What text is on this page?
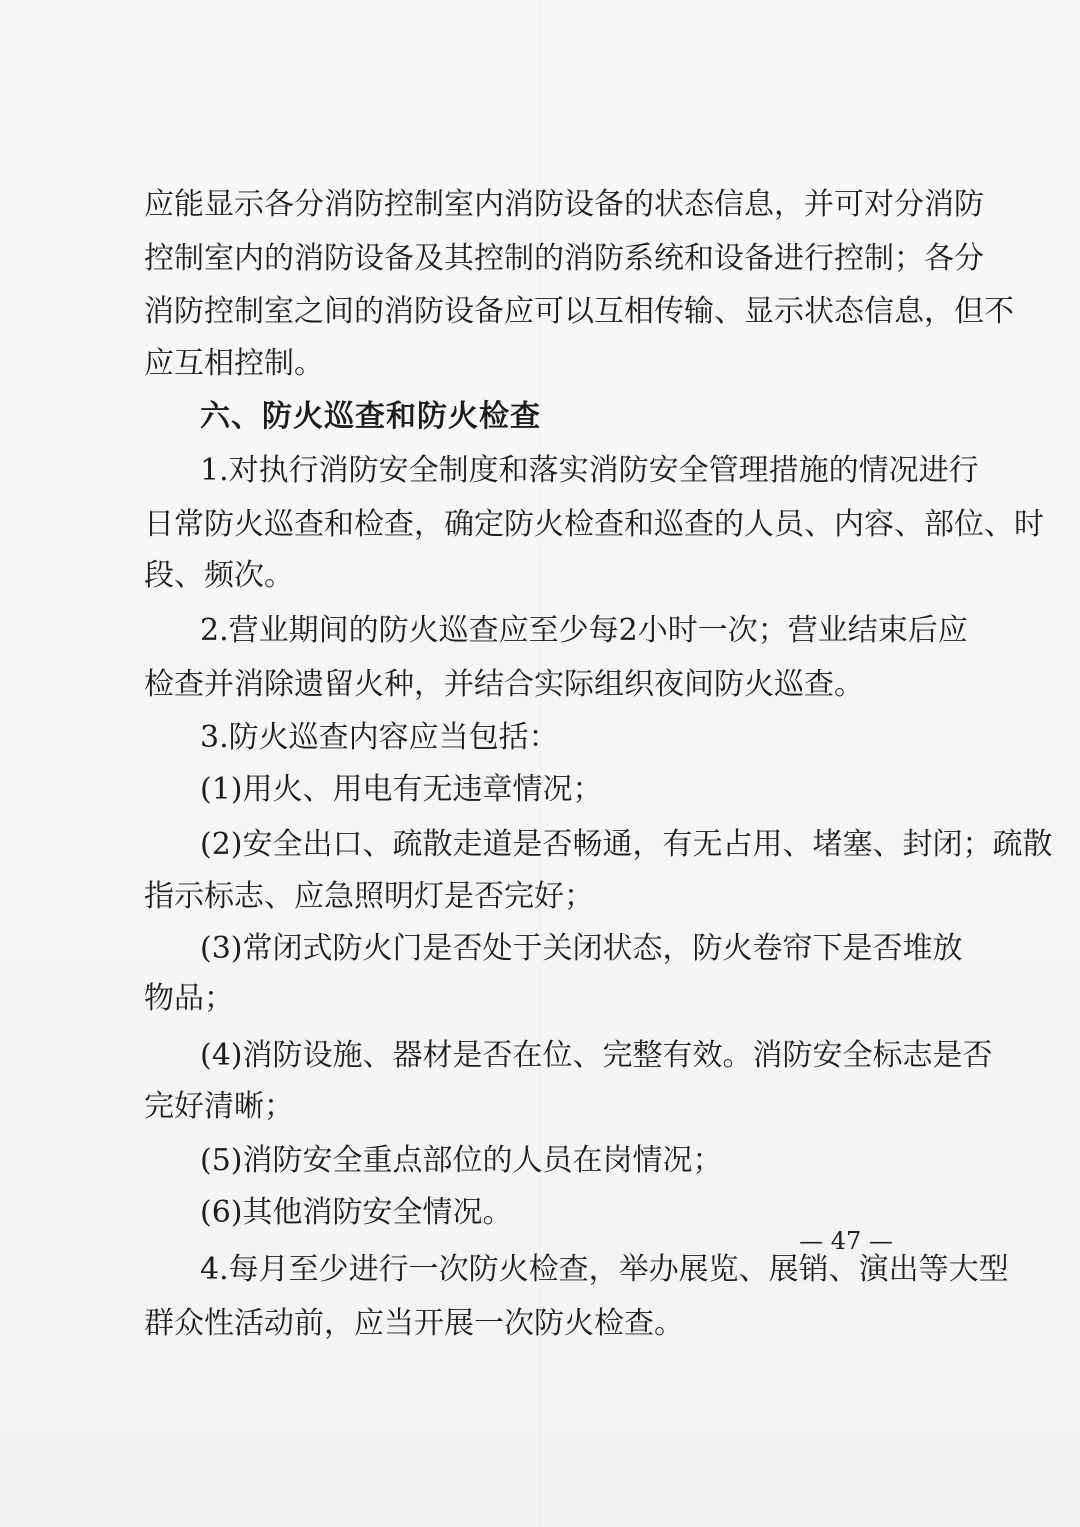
应能显示各分消防控制室内消防设备的状态信息，并可对分消防
控制室内的消防设备及其控制的消防系统和设备进行控制；各分
消防控制室之间的消防设备应可以互相传输、显示状态信息，但不
应互相控制。
六、防火巡查和防火检查
1.对执行消防安全制度和落实消防安全管理措施的情况进行
日常防火巡查和检查，确定防火检查和巡查的人员、内容、部位、时
段、频次。
2.营业期间的防火巡查应至少每2小时一次；营业结束后应
检查并消除遗留火种，并结合实际组织夜间防火巡查。
3.防火巡查内容应当包括：
(1)用火、用电有无违章情况；
(2)安全出口、疏散走道是否畅通，有无占用、堵塞、封闭；疏散
指示标志、应急照明灯是否完好；
(3)常闭式防火门是否处于关闭状态，防火卷帘下是否堆放
物品；
(4)消防设施、器材是否在位、完整有效。消防安全标志是否
完好清晰；
(5)消防安全重点部位的人员在岗情况；
(6)其他消防安全情况。
4.每月至少进行一次防火检查，举办展览、展销、演出等大型
群众性活动前，应当开展一次防火检查。
— 47 —
